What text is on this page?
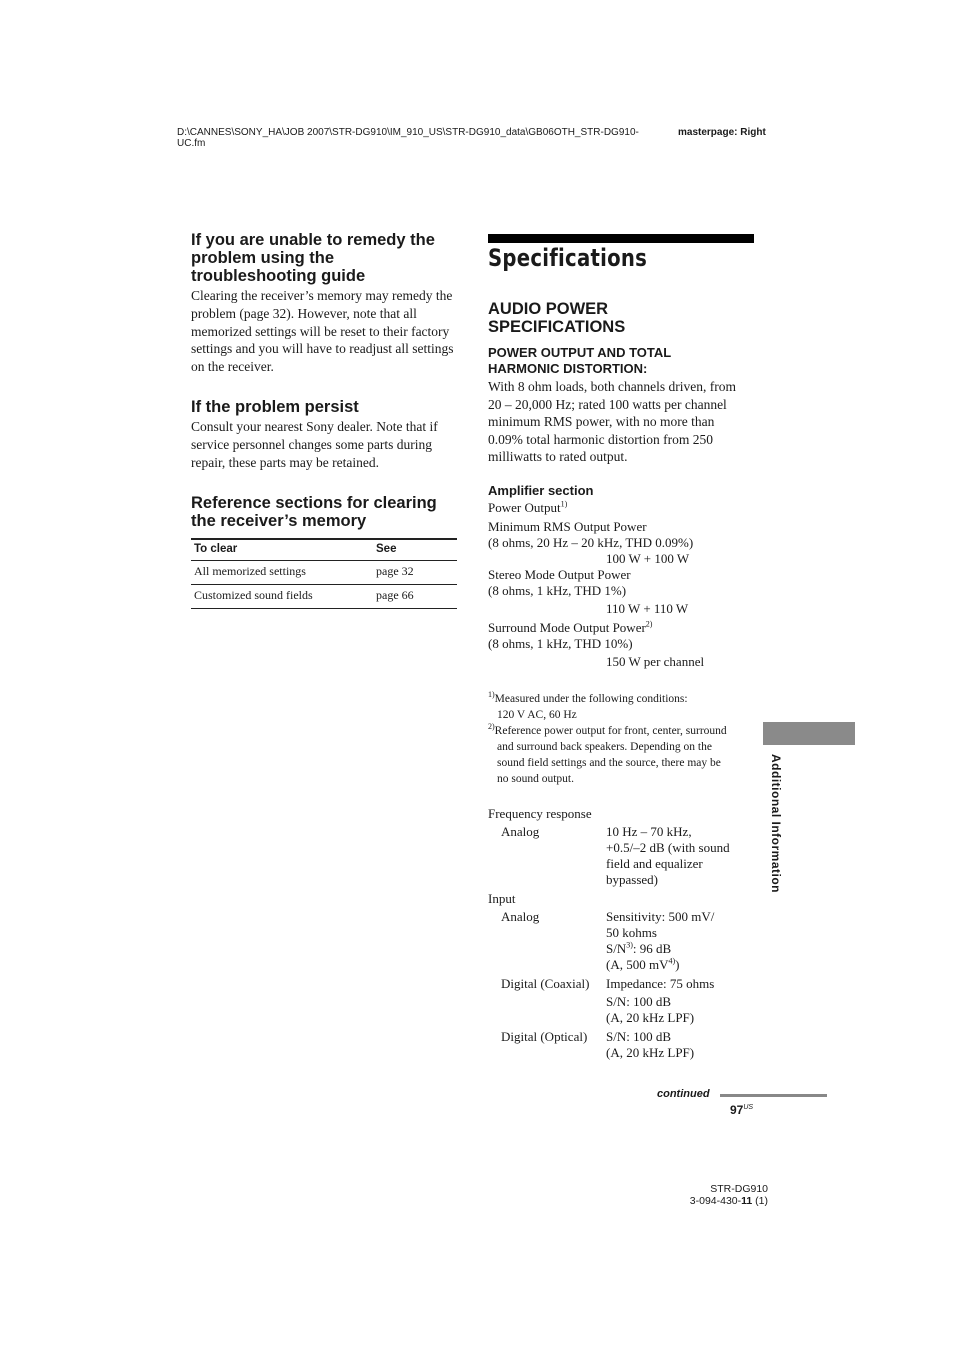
D:\CANNES\SONY_HA\JOB 2007\STR-DG910\IM_910_US\STR-DG910_data\GB06OTH_STR-DG910-UC.fm
masterpage: Right
If you are unable to remedy the problem using the troubleshooting guide

Clearing the receiver’s memory may remedy the problem (page 32). However, note that all memorized settings will be reset to their factory settings and you will have to readjust all settings on the receiver.

If the problem persist

Consult your nearest Sony dealer. Note that if service personnel changes some parts during repair, these parts may be retained.

Reference sections for clearing the receiver’s memory
To clear	See
All memorized settings	page 32
Customized sound fields	page 66
Specifications
AUDIO POWER
SPECIFICATIONS
POWER OUTPUT AND TOTAL
HARMONIC DISTORTION:
With 8 ohm loads, both channels driven, from
20 – 20,000 Hz; rated 100 watts per channel
minimum RMS power, with no more than
0.09% total harmonic distortion from 250
milliwatts to rated output.
Amplifier section
Power Output$^{1)}$
Minimum RMS Output Power
(8 ohms, 20 Hz – 20 kHz, THD 0.09%)
100 W + 100 W
Stereo Mode Output Power
(8 ohms, 1 kHz, THD 1%)
110 W + 110 W
Surround Mode Output Power$^{2)}$
(8 ohms, 1 kHz, THD 10%)
150 W per channel
$^{1)}$Measured under the following conditions:
120 V AC, 60 Hz
$^{2)}$Reference power output for front, center, surround
and surround back speakers. Depending on the
sound field settings and the source, there may be
no sound output.
Frequency response
Analog	10 Hz – 70 kHz,
+0.5/–2 dB (with sound
field and equalizer
bypassed)
Input
Analog	Sensitivity: 500 mV/
50 kohms
$S/N^{3)}$: 96 dB
(A, 500 $mV^{4)}$)
Digital (Coaxial) Impedance: 75 ohms
S/N: 100 dB
(A, 20 kHz LPF)
Digital (Optical) S/N: 100 dB
(A, 20 kHz LPF)
Additional Information
continued
$97^{US}$
STR-DG910
3-094-430-11 (1)
